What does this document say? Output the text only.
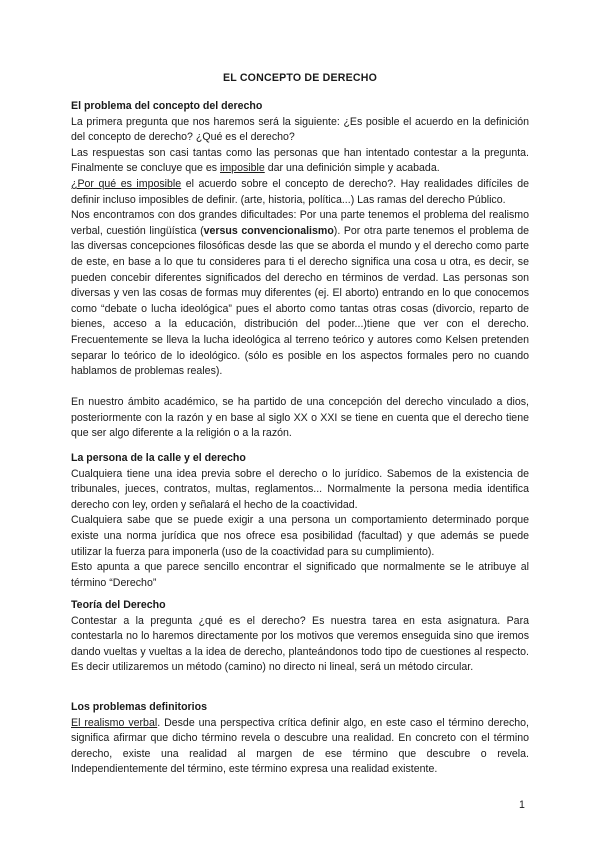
EL CONCEPTO DE DERECHO
El problema del concepto del derecho
La primera pregunta que nos haremos será la siguiente: ¿Es posible el acuerdo en la definición del concepto de derecho? ¿Qué es el derecho?
Las respuestas son casi tantas como las personas que han intentado contestar a la pregunta. Finalmente se concluye que es imposible dar una definición simple y acabada.
¿Por qué es imposible el acuerdo sobre el concepto de derecho?. Hay realidades difíciles de definir incluso imposibles de definir. (arte, historia, política...) Las ramas del derecho Público.
Nos encontramos con dos grandes dificultades: Por una parte tenemos el problema del realismo verbal, cuestión lingüística (versus convencionalismo). Por otra parte tenemos el problema de las diversas concepciones filosóficas desde las que se aborda el mundo y el derecho como parte de este, en base a lo que tu consideres para ti el derecho significa una cosa u otra, es decir, se pueden concebir diferentes significados del derecho en términos de verdad. Las personas son diversas y ven las cosas de formas muy diferentes (ej. El aborto) entrando en lo que conocemos como “debate o lucha ideológica” pues el aborto como tantas otras cosas (divorcio, reparto de bienes, acceso a la educación, distribución del poder...)tiene que ver con el derecho. Frecuentemente se lleva la lucha ideológica al terreno teórico y autores como Kelsen pretenden separar lo teórico de lo ideológico. (sólo es posible en los aspectos formales pero no cuando hablamos de problemas reales).
En nuestro ámbito académico, se ha partido de una concepción del derecho vinculado a dios, posteriormente con la razón y en base al siglo XX o XXI se tiene en cuenta que el derecho tiene que ser algo diferente a la religión o a la razón.
La persona de la calle y el derecho
Cualquiera tiene una idea previa sobre el derecho o lo jurídico. Sabemos de la existencia de tribunales, jueces, contratos, multas, reglamentos... Normalmente la persona media identifica derecho con ley, orden y señalará el hecho de la coactividad.
Cualquiera sabe que se puede exigir a una persona un comportamiento determinado porque existe una norma jurídica que nos ofrece esa posibilidad (facultad) y que además se puede utilizar la fuerza para imponerla (uso de la coactividad para su cumplimiento).
Esto apunta a que parece sencillo encontrar el significado que normalmente se le atribuye al término “Derecho”
Teoría del Derecho
Contestar a la pregunta ¿qué es el derecho? Es nuestra tarea en esta asignatura. Para contestarla no lo haremos directamente por los motivos que veremos enseguida sino que iremos dando vueltas y vueltas a la idea de derecho, planteándonos todo tipo de cuestiones al respecto. Es decir utilizaremos un método (camino) no directo ni lineal, será un método circular.
Los problemas definitorios
El realismo verbal. Desde una perspectiva crítica definir algo, en este caso el término derecho, significa afirmar que dicho término revela o descubre una realidad. En concreto con el término derecho, existe una realidad al margen de ese término que descubre o revela. Independientemente del término, este término expresa una realidad existente.
1
